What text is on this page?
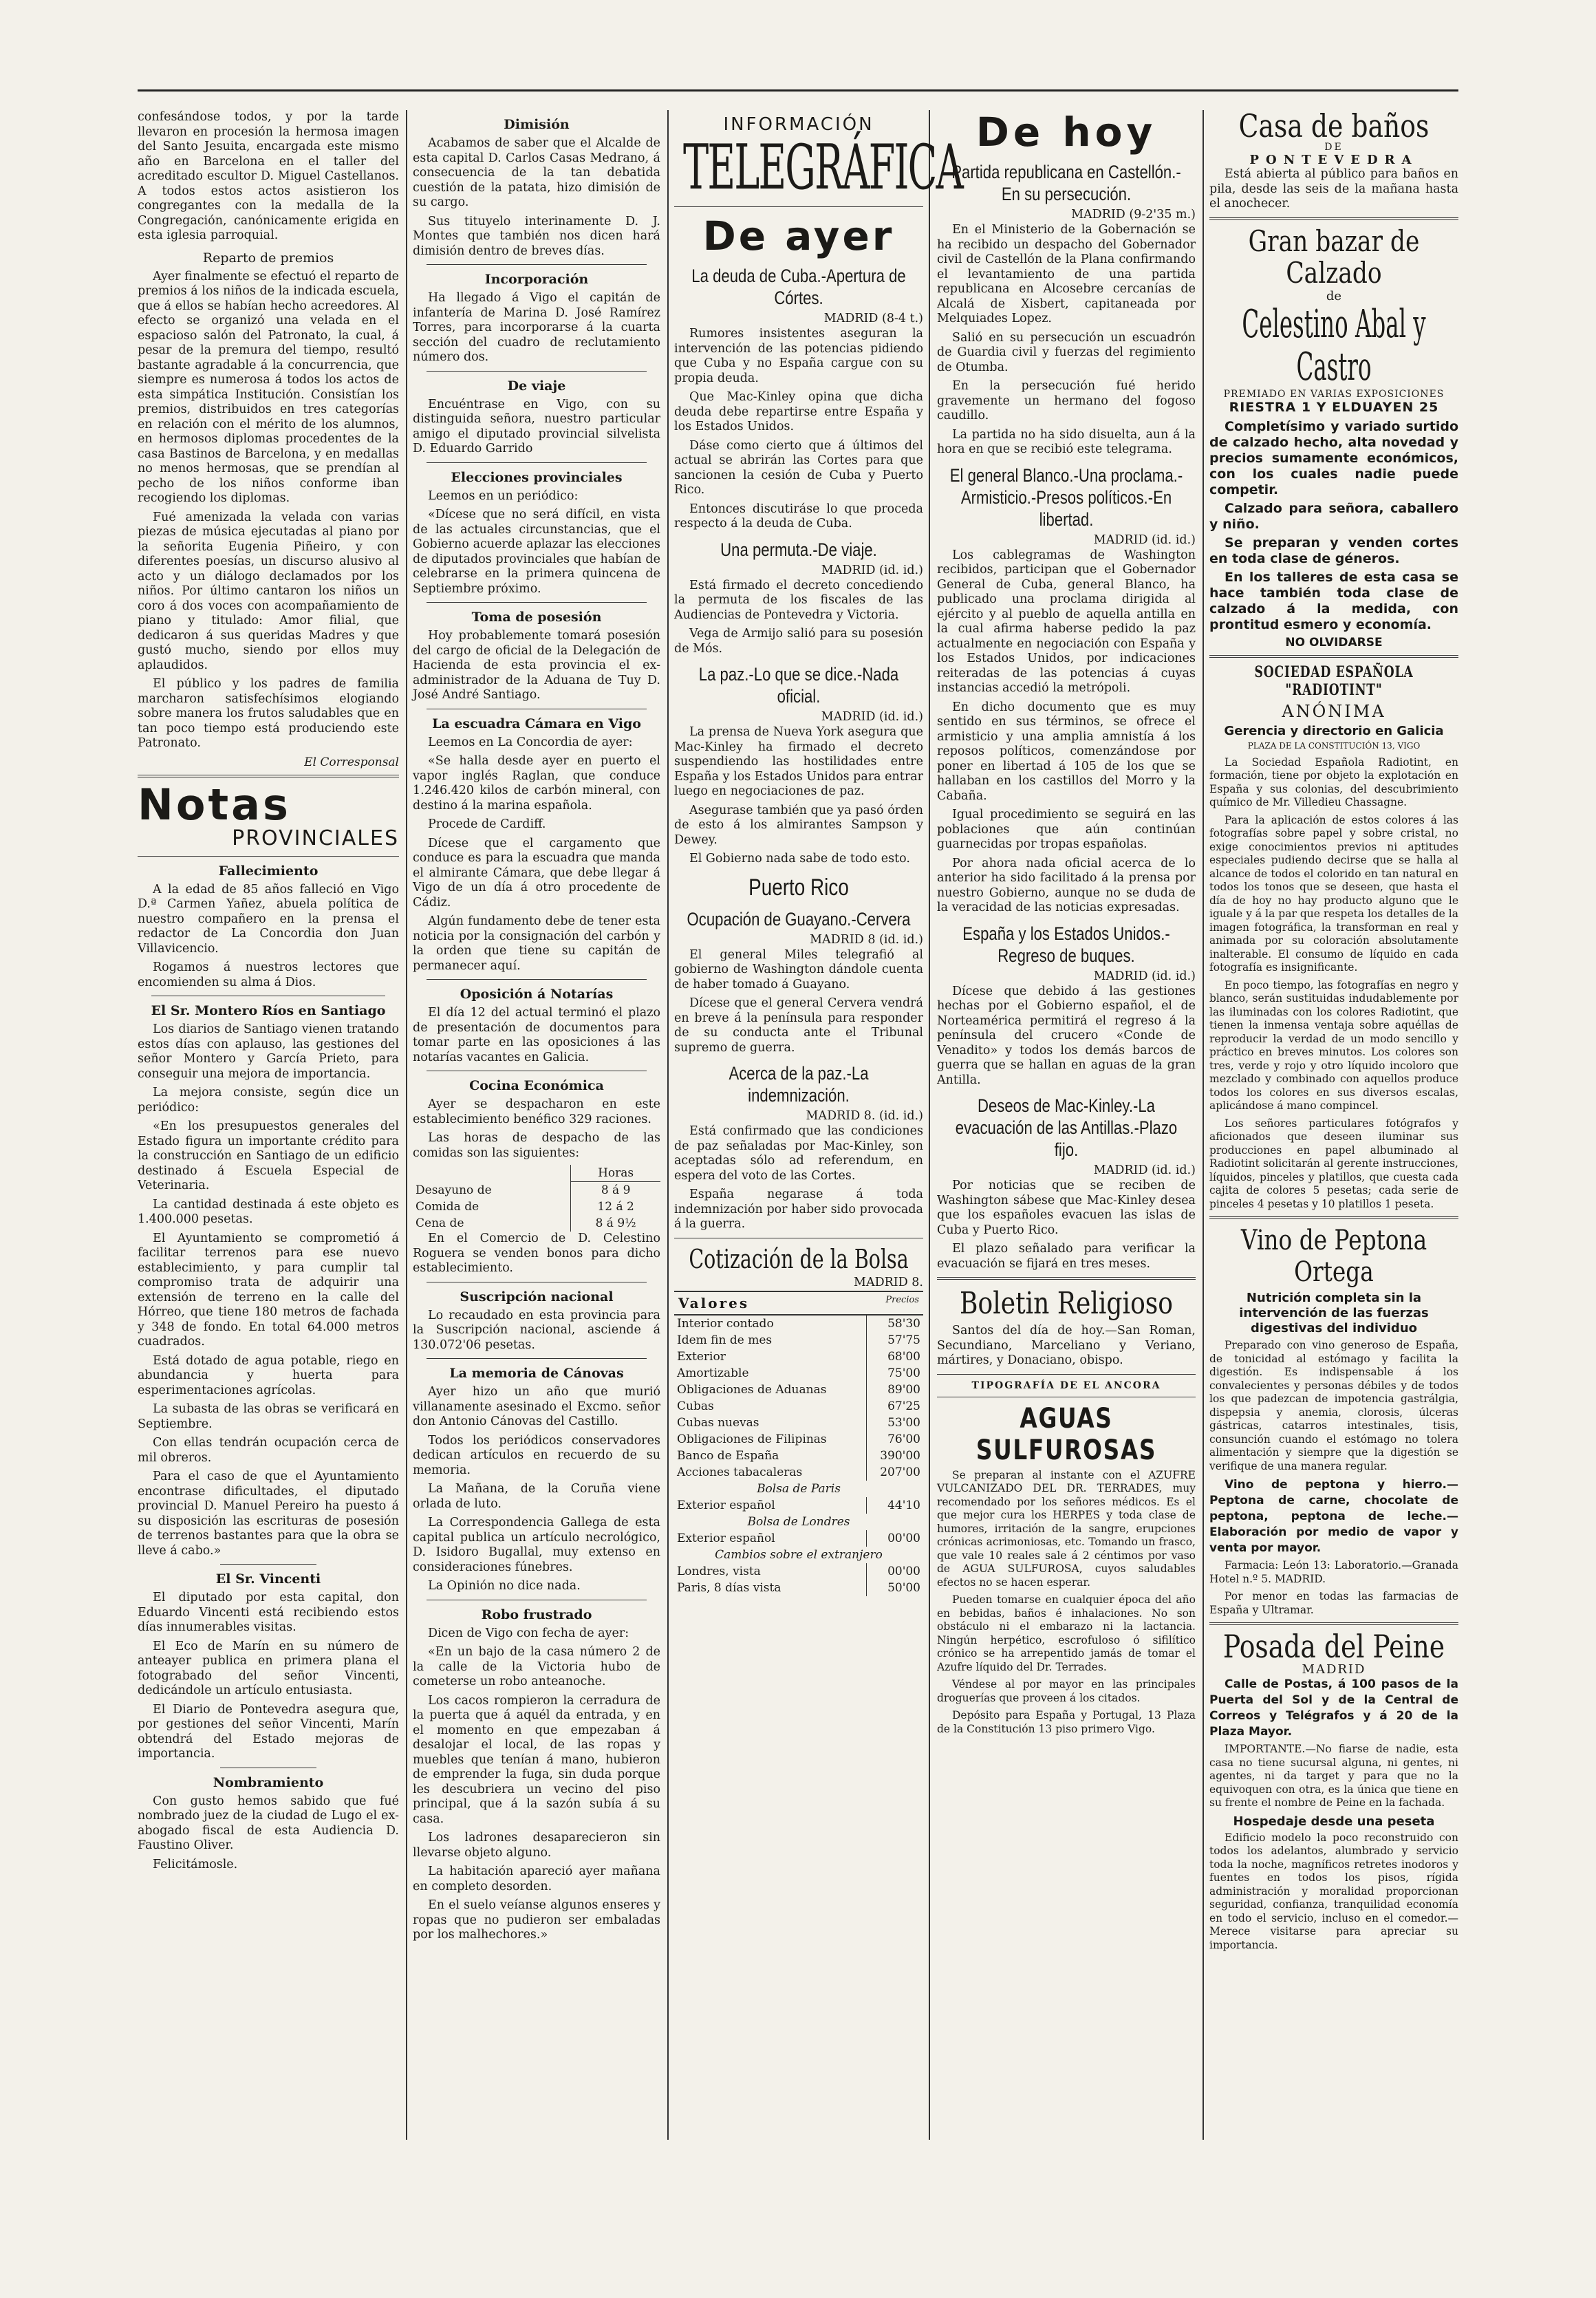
confesándose todos, y por la tarde llevaron en procesión la hermosa imagen del Santo Jesuita, encargada este mismo año en Barcelona en el taller del acreditado escultor D. Miguel Castellanos. A todos estos actos asistieron los congregantes con la medalla de la Congregación, canónicamente erigida en esta iglesia parroquial.

Reparto de premios

Ayer finalmente se efectuó el reparto de premios á los niños de la indicada escuela, que á ellos se habían hecho acreedores. Al efecto se organizó una velada en el espacioso salón del Patronato, la cual, á pesar de la premura del tiempo, resultó bastante agradable á la concurrencia, que siempre es numerosa á todos los actos de esta simpática Institución. Consistían los premios, distribuidos en tres categorías en relación con el mérito de los alumnos, en hermosos diplomas procedentes de la casa Bastinos de Barcelona, y en medallas no menos hermosas, que se prendían al pecho de los niños conforme iban recogiendo los diplomas.

Fué amenizada la velada con varias piezas de música ejecutadas al piano por la señorita Eugenia Piñeiro, y con diferentes poesías, un discurso alusivo al acto y un diálogo declamados por los niños. Por último cantaron los niños un coro á dos voces con acompañamiento de piano y titulado: Amor filial, que dedicaron á sus queridas Madres y que gustó mucho, siendo por ellos muy aplaudidos.

El público y los padres de familia marcharon satisfechísimos elogiando sobre manera los frutos saludables que en tan poco tiempo está produciendo este Patronato.

El Corresponsal
Notas
PROVINCIALES
Fallecimiento

A la edad de 85 años falleció en Vigo D.ª Carmen Yañez, abuela política de nuestro compañero en la prensa el redactor de La Concordia don Juan Villavicencio.

Rogamos á nuestros lectores que encomienden su alma á Dios.

El Sr. Montero Ríos en Santiago

Los diarios de Santiago vienen tratando estos días con aplauso, las gestiones del señor Montero y García Prieto, para conseguir una mejora de importancia.

La mejora consiste, según dice un periódico:

«En los presupuestos generales del Estado figura un importante crédito para la construcción en Santiago de un edificio destinado á Escuela Especial de Veterinaria.

La cantidad destinada á este objeto es 1.400.000 pesetas.

El Ayuntamiento se comprometió á facilitar terrenos para ese nuevo establecimiento, y para cumplir tal compromiso trata de adquirir una extensión de terreno en la calle del Hórreo, que tiene 180 metros de fachada y 348 de fondo. En total 64.000 metros cuadrados.

Está dotado de agua potable, riego en abundancia y huerta para esperimentaciones agrícolas.

La subasta de las obras se verificará en Septiembre.

Con ellas tendrán ocupación cerca de mil obreros.

Para el caso de que el Ayuntamiento encontrase dificultades, el diputado provincial D. Manuel Pereiro ha puesto á su disposición las escrituras de posesión de terrenos bastantes para que la obra se lleve á cabo.»

El Sr. Vincenti

El diputado por esta capital, don Eduardo Vincenti está recibiendo estos días innumerables visitas.

El Eco de Marín en su número de anteayer publica en primera plana el fotograbado del señor Vincenti, dedicándole un artículo entusiasta.

El Diario de Pontevedra asegura que, por gestiones del señor Vincenti, Marín obtendrá del Estado mejoras de importancia.

Nombramiento

Con gusto hemos sabido que fué nombrado juez de la ciudad de Lugo el ex-abogado fiscal de esta Audiencia D. Faustino Oliver.

Felicitámosle.

Dimisión

Acabamos de saber que el Alcalde de esta capital D. Carlos Casas Medrano, á consecuencia de la tan debatida cuestión de la patata, hizo dimisión de su cargo.

Sus tituyelo interinamente D. J. Montes que también nos dicen hará dimisión dentro de breves días.

Incorporación

Ha llegado á Vigo el capitán de infantería de Marina D. José Ramírez Torres, para incorporarse á la cuarta sección del cuadro de reclutamiento número dos.

De viaje

Encuéntrase en Vigo, con su distinguida señora, nuestro particular amigo el diputado provincial silvelista D. Eduardo Garrido

Elecciones provinciales

Leemos en un periódico:

«Dícese que no será difícil, en vista de las actuales circunstancias, que el Gobierno acuerde aplazar las elecciones de diputados provinciales que habían de celebrarse en la primera quincena de Septiembre próximo.

Toma de posesión

Hoy probablemente tomará posesión del cargo de oficial de la Delegación de Hacienda de esta provincia el ex-administrador de la Aduana de Tuy D. José André Santiago.

La escuadra Cámara en Vigo

Leemos en La Concordia de ayer:

«Se halla desde ayer en puerto el vapor inglés Raglan, que conduce 1.246.420 kilos de carbón mineral, con destino á la marina española.

Procede de Cardiff.

Dícese que el cargamento que conduce es para la escuadra que manda el almirante Cámara, que debe llegar á Vigo de un día á otro procedente de Cádiz.

Algún fundamento debe de tener esta noticia por la consignación del carbón y la orden que tiene su capitán de permanecer aquí.

Oposición á Notarías

El día 12 del actual terminó el plazo de presentación de documentos para tomar parte en las oposiciones á las notarías vacantes en Galicia.

Cocina Económica

Ayer se despacharon en este establecimiento benéfico 329 raciones.

Las horas de despacho de las comidas son las siguientes:

	Horas
Desayuno de	8 á 9
Comida de	12 á 2
Cena de	8 á 9½

En el Comercio de D. Celestino Roguera se venden bonos para dicho establecimiento.

Suscripción nacional

Lo recaudado en esta provincia para la Suscripción nacional, asciende á 130.072'06 pesetas.

La memoria de Cánovas

Ayer hizo un año que murió villanamente asesinado el Excmo. señor don Antonio Cánovas del Castillo.

Todos los periódicos conservadores dedican artículos en recuerdo de su memoria.

La Mañana, de la Coruña viene orlada de luto.

La Correspondencia Gallega de esta capital publica un artículo necrológico, D. Isidoro Bugallal, muy extenso en consideraciones fúnebres.

La Opinión no dice nada.

Robo frustrado

Dicen de Vigo con fecha de ayer:

«En un bajo de la casa número 2 de la calle de la Victoria hubo de cometerse un robo anteanoche.

Los cacos rompieron la cerradura de la puerta que á aquél da entrada, y en el momento en que empezaban á desalojar el local, de las ropas y muebles que tenían á mano, hubieron de emprender la fuga, sin duda porque les descubriera un vecino del piso principal, que á la sazón subía á su casa.

Los ladrones desaparecieron sin llevarse objeto alguno.

La habitación apareció ayer mañana en completo desorden.

En el suelo veíanse algunos enseres y ropas que no pudieron ser embaladas por los malhechores.»

INFORMACIÓN
TELEGRÁFICA
De ayer
La deuda de Cuba.-Apertura de Córtes.
MADRID (8-4 t.)

Rumores insistentes aseguran la intervención de las potencias pidiendo que Cuba y no España cargue con su propia deuda.

Que Mac-Kinley opina que dicha deuda debe repartirse entre España y los Estados Unidos.

Dáse como cierto que á últimos del actual se abrirán las Cortes para que sancionen la cesión de Cuba y Puerto Rico.

Entonces discutiráse lo que proceda respecto á la deuda de Cuba.

Una permuta.-De viaje.
MADRID (id. id.)

Está firmado el decreto concediendo la permuta de los fiscales de las Audiencias de Pontevedra y Victoria.

Vega de Armijo salió para su posesión de Mós.

La paz.-Lo que se dice.-Nada oficial.
MADRID (id. id.)

La prensa de Nueva York asegura que Mac-Kinley ha firmado el decreto suspendiendo las hostilidades entre España y los Estados Unidos para entrar luego en negociaciones de paz.

Asegurase también que ya pasó órden de esto á los almirantes Sampson y Dewey.

El Gobierno nada sabe de todo esto.

Puerto Rico
Ocupación de Guayano.-Cervera
MADRID 8 (id. id.)

El general Miles telegrafió al gobierno de Washington dándole cuenta de haber tomado á Guayano.

Dícese que el general Cervera vendrá en breve á la península para responder de su conducta ante el Tribunal supremo de guerra.

Acerca de la paz.-La indemnización.
MADRID 8. (id. id.)

Está confirmado que las condiciones de paz señaladas por Mac-Kinley, son aceptadas sólo ad referendum, en espera del voto de las Cortes.

España negarase á toda indemnización por haber sido provocada á la guerra.

Cotización de la Bolsa
MADRID 8.
Valores	Precios
Interior contado	58'30
Idem fin de mes	57'75
Exterior	68'00
Amortizable	75'00
Obligaciones de Aduanas	89'00
Cubas	67'25
Cubas nuevas	53'00
Obligaciones de Filipinas	76'00
Banco de España	390'00
Acciones tabacaleras	207'00
Bolsa de Paris	
Exterior español	44'10
Bolsa de Londres	
Exterior español	00'00
Cambios sobre el extranjero	
Londres, vista	00'00
Paris, 8 días vista	50'00
De hoy
Partida republicana en Castellón.-En su persecución.
MADRID (9-2'35 m.)

En el Ministerio de la Gobernación se ha recibido un despacho del Gobernador civil de Castellón de la Plana confirmando el levantamiento de una partida republicana en Alcosebre cercanías de Alcalá de Xisbert, capitaneada por Melquiades Lopez.

Salió en su persecución un escuadrón de Guardia civil y fuerzas del regimiento de Otumba.

En la persecución fué herido gravemente un hermano del fogoso caudillo.

La partida no ha sido disuelta, aun á la hora en que se recibió este telegrama.

El general Blanco.-Una proclama.-Armisticio.-Presos políticos.-En libertad.
MADRID (id. id.)

Los cablegramas de Washington recibidos, participan que el Gobernador General de Cuba, general Blanco, ha publicado una proclama dirigida al ejército y al pueblo de aquella antilla en la cual afirma haberse pedido la paz actualmente en negociación con España y los Estados Unidos, por indicaciones reiteradas de las potencias á cuyas instancias accedió la metrópoli.

En dicho documento que es muy sentido en sus términos, se ofrece el armisticio y una amplia amnistía á los reposos políticos, comenzándose por poner en libertad á 105 de los que se hallaban en los castillos del Morro y la Cabaña.

Igual procedimiento se seguirá en las poblaciones que aún continúan guarnecidas por tropas españolas.

Por ahora nada oficial acerca de lo anterior ha sido facilitado á la prensa por nuestro Gobierno, aunque no se duda de la veracidad de las noticias expresadas.

España y los Estados Unidos.-Regreso de buques.
MADRID (id. id.)

Dícese que debido á las gestiones hechas por el Gobierno español, el de Norteamérica permitirá el regreso á la península del crucero «Conde de Venadito» y todos los demás barcos de guerra que se hallan en aguas de la gran Antilla.

Deseos de Mac-Kinley.-La evacuación de las Antillas.-Plazo fijo.
MADRID (id. id.)

Por noticias que se reciben de Washington sábese que Mac-Kinley desea que los españoles evacuen las islas de Cuba y Puerto Rico.

El plazo señalado para verificar la evacuación se fijará en tres meses.

Boletin Religioso

Santos del día de hoy.—San Roman, Secundiano, Marceliano y Veriano, mártires, y Donaciano, obispo.

TIPOGRAFÍA DE EL ANCORA
AGUAS SULFUROSAS

Se preparan al instante con el AZUFRE VULCANIZADO DEL DR. TERRADES, muy recomendado por los señores médicos. Es el que mejor cura los HERPES y toda clase de humores, irritación de la sangre, erupciones crónicas acrimoniosas, etc. Tomando un frasco, que vale 10 reales sale á 2 céntimos por vaso de AGUA SULFUROSA, cuyos saludables efectos no se hacen esperar.

Pueden tomarse en cualquier época del año en bebidas, baños é inhalaciones. No son obstáculo ni el embarazo ni la lactancia. Ningún herpético, escrofuloso ó sifilítico crónico se ha arrepentido jamás de tomar el Azufre líquido del Dr. Terrades.

Véndese al por mayor en las principales droguerías que proveen á los citados.

Depósito para España y Portugal, 13 Plaza de la Constitución 13 piso primero Vigo.

Casa de baños
DE
PONTEVEDRA

Está abierta al público para baños en pila, desde las seis de la mañana hasta el anochecer.

Gran bazar de Calzado
de
Celestino Abal y Castro
PREMIADO EN VARIAS EXPOSICIONES
RIESTRA 1 Y ELDUAYEN 25

Completísimo y variado surtido de calzado hecho, alta novedad y precios sumamente económicos, con los cuales nadie puede competir.

Calzado para señora, caballero y niño.

Se preparan y venden cortes en toda clase de géneros.

En los talleres de esta casa se hace también toda clase de calzado á la medida, con prontitud esmero y economía.

NO OLVIDARSE
SOCIEDAD ESPAÑOLA "RADIOTINT"
ANÓNIMA
Gerencia y directorio en Galicia
PLAZA DE LA CONSTITUCIÓN 13, VIGO

La Sociedad Española Radiotint, en formación, tiene por objeto la explotación en España y sus colonias, del descubrimiento químico de Mr. Villedieu Chassagne.

Para la aplicación de estos colores á las fotografías sobre papel y sobre cristal, no exige conocimientos previos ni aptitudes especiales pudiendo decirse que se halla al alcance de todos el colorido en tan natural en todos los tonos que se deseen, que hasta el día de hoy no hay producto alguno que le iguale y á la par que respeta los detalles de la imagen fotográfica, la transforman en real y animada por su coloración absolutamente inalterable. El consumo de líquido en cada fotografía es insignificante.

En poco tiempo, las fotografías en negro y blanco, serán sustituidas indudablemente por las iluminadas con los colores Radiotint, que tienen la inmensa ventaja sobre aquéllas de reproducir la verdad de un modo sencillo y práctico en breves minutos. Los colores son tres, verde y rojo y otro líquido incoloro que mezclado y combinado con aquellos produce todos los colores en sus diversos escalas, aplicándose á mano compincel.

Los señores particulares fotógrafos y aficionados que deseen iluminar sus producciones en papel albuminado al Radiotint solicitarán al gerente instrucciones, líquidos, pinceles y platillos, que cuesta cada cajita de colores 5 pesetas; cada serie de pinceles 4 pesetas y 10 platillos 1 peseta.

Vino de Peptona Ortega
Nutrición completa sin la intervención de las fuerzas digestivas del individuo

Preparado con vino generoso de España, de tonicidad al estómago y facilita la digestión. Es indispensable á los convalecientes y personas débiles y de todos los que padezcan de impotencia gastrálgia, dispepsia y anemia, clorosis, úlceras gástricas, catarros intestinales, tisis, consunción cuando el estómago no tolera alimentación y siempre que la digestión se verifique de una manera regular.

Vino de peptona y hierro.—Peptona de carne, chocolate de peptona, peptona de leche.—Elaboración por medio de vapor y venta por mayor.

Farmacia: León 13: Laboratorio.—Granada Hotel n.º 5. MADRID.

Por menor en todas las farmacias de España y Ultramar.

Posada del Peine
MADRID

Calle de Postas, á 100 pasos de la Puerta del Sol y de la Central de Correos y Telégrafos y á 20 de la Plaza Mayor.

IMPORTANTE.—No fiarse de nadie, esta casa no tiene sucursal alguna, ni gentes, ni agentes, ni da target y para que no la equivoquen con otra, es la única que tiene en su frente el nombre de Peine en la fachada.

Hospedaje desde una peseta

Edificio modelo la poco reconstruido con todos los adelantos, alumbrado y servicio toda la noche, magníficos retretes inodoros y fuentes en todos los pisos, rígida administración y moralidad proporcionan seguridad, confianza, tranquilidad economía en todo el servicio, incluso en el comedor.—Merece visitarse para apreciar su importancia.
